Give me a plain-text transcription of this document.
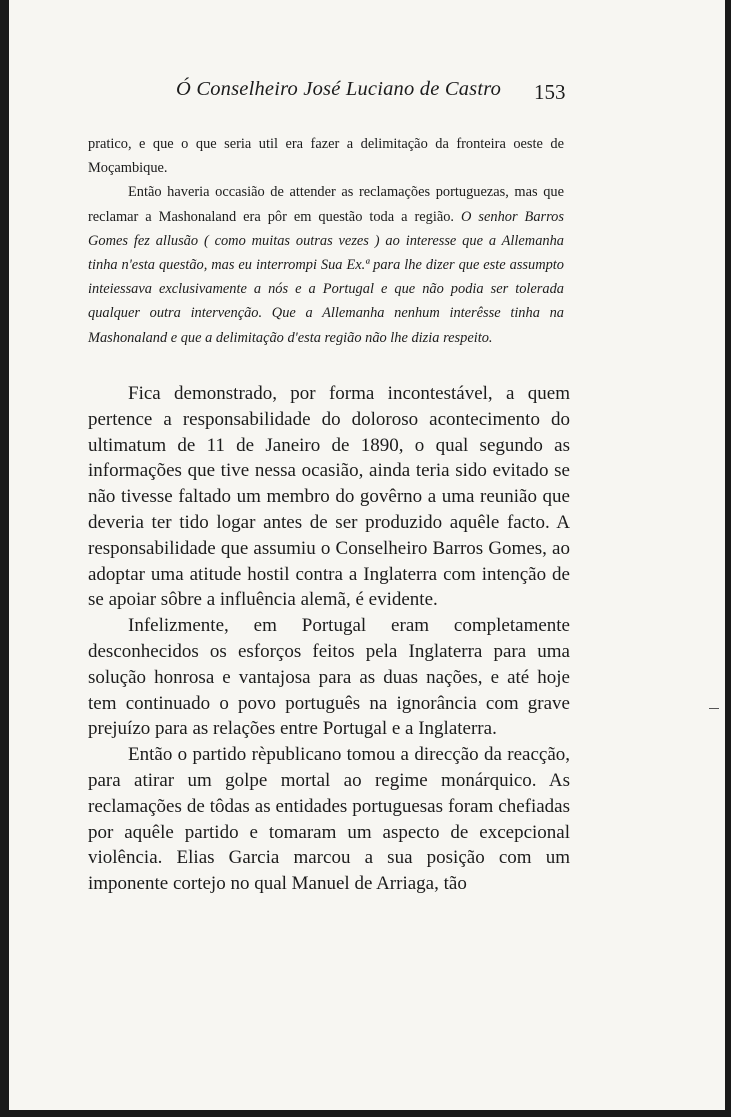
Ó Conselheiro José Luciano de Castro 153

pratico, e que o que seria util era fazer a delimitação da fronteira oeste de Moçambique.

Então haveria occasião de attender as reclamações portuguezas, mas que reclamar a Mashonaland era pôr em questão toda a região. O senhor Barros Gomes fez allusão ( como muitas outras vezes ) ao interesse que a Allemanha tinha n'esta questão, mas eu interrompi Sua Ex.ª para lhe dizer que este assumpto inteiessava exclusivamente a nós e a Portugal e que não podia ser tolerada qualquer outra intervenção. Que a Allemanha nenhum interêsse tinha na Mashonaland e que a delimitação d'esta região não lhe dizia respeito.

Fica demonstrado, por forma incontestável, a quem pertence a responsabilidade do doloroso acontecimento do ultimatum de 11 de Janeiro de 1890, o qual segundo as informações que tive nessa ocasião, ainda teria sido evitado se não tivesse faltado um membro do govêrno a uma reunião que deveria ter tido logar antes de ser produzido aquêle facto. A responsabilidade que assumiu o Conselheiro Barros Gomes, ao adoptar uma atitude hostil contra a Inglaterra com intenção de se apoiar sôbre a influência alemã, é evidente.

Infelizmente, em Portugal eram completamente desconhecidos os esforços feitos pela Inglaterra para uma solução honrosa e vantajosa para as duas nações, e até hoje tem continuado o povo português na ignorância com grave prejuízo para as relações entre Portugal e a Inglaterra.

Então o partido rèpublicano tomou a direcção da reacção, para atirar um golpe mortal ao regime monárquico. As reclamações de tôdas as entidades portuguesas foram chefiadas por aquêle partido e tomaram um aspecto de excepcional violência. Elias Garcia marcou a sua posição com um imponente cortejo no qual Manuel de Arriaga, tão
